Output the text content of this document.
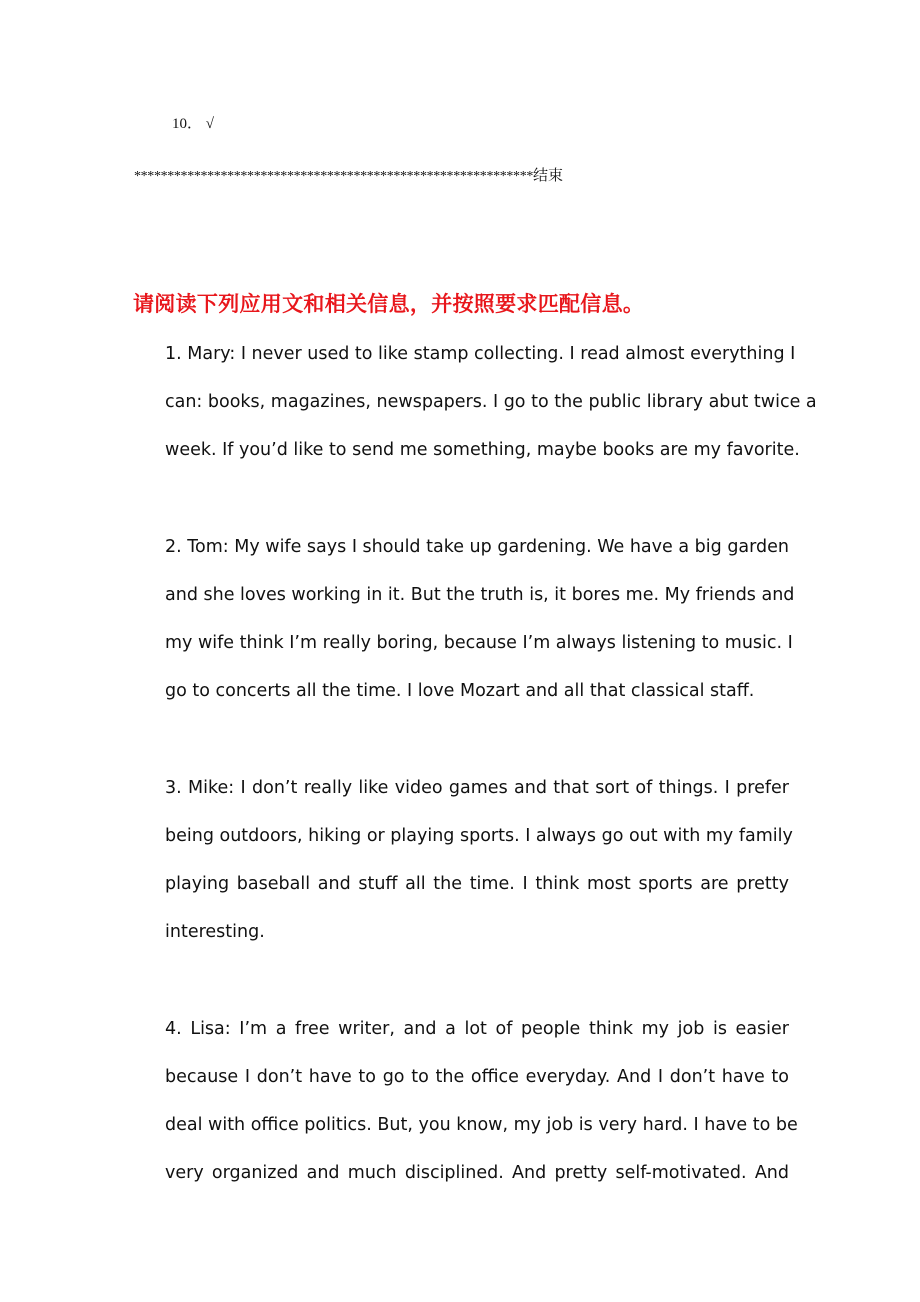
10． √
************************************************************结束
请阅读下列应用文和相关信息，并按照要求匹配信息。
1. Mary: I never used to like stamp collecting. I read almost everything I
can: books, magazines, newspapers. I go to the public library abut twice a
week. If you’d like to send me something, maybe books are my favorite.
2. Tom: My wife says I should take up gardening. We have a big garden
and she loves working in it. But the truth is, it bores me. My friends and
my wife think I’m really boring, because I’m always listening to music. I
go to concerts all the time. I love Mozart and all that classical staff.
3. Mike: I don’t really like video games and that sort of things. I prefer
being outdoors, hiking or playing sports. I always go out with my family
playing baseball and stuff all the time. I think most sports are pretty
interesting.
4. Lisa: I’m a free writer, and a lot of people think my job is easier
because I don’t have to go to the office everyday. And I don’t have to
deal with office politics. But, you know, my job is very hard. I have to be
very organized and much disciplined. And pretty self-motivated. And
